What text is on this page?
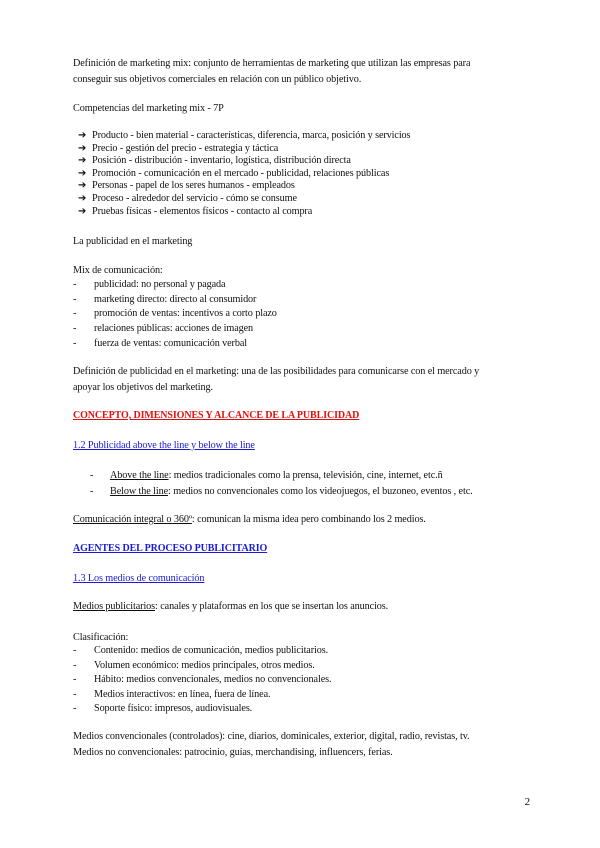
Definición de marketing mix: conjunto de herramientas de marketing que utilizan las empresas para
conseguir sus objetivos comerciales en relación con un público objetivo.
Competencias del marketing mix - 7P
➔ Producto - bien material - características, diferencia, marca, posición y servicios
➔ Precio - gestión del precio - estrategia y táctica
➔ Posición - distribución - inventario, logística, distribución directa
➔ Promoción - comunicación en el mercado - publicidad, relaciones públicas
➔ Personas - papel de los seres humanos - empleados
➔ Proceso - alrededor del servicio - cómo se consume
➔ Pruebas físicas - elementos físicos - contacto al compra
La publicidad en el marketing
Mix de comunicación:
- publicidad: no personal y pagada
- marketing directo: directo al consumidor
- promoción de ventas: incentivos a corto plazo
- relaciones públicas: acciones de imagen
- fuerza de ventas: comunicación verbal
Definición de publicidad en el marketing: una de las posibilidades para comunicarse con el mercado y
apoyar los objetivos del marketing.
CONCEPTO, DIMENSIONES Y ALCANCE DE LA PUBLICIDAD
1.2 Publicidad above the line y below the line
- Above the line: medios tradicionales como la prensa, televisión, cine, internet, etc.ñ
- Below the line: medios no convencionales como los videojuegos, el buzoneo, eventos , etc.
Comunicación integral o 360º: comunican la misma idea pero combinando los 2 medios.
AGENTES DEL PROCESO PUBLICITARIO
1.3 Los medios de comunicación
Medios publicitarios: canales y plataformas en los que se insertan los anuncios.
Clasificación:
- Contenido: medios de comunicación, medios publicitarios.
- Volumen económico: medios principales, otros medios.
- Hábito: medios convencionales, medios no convencionales.
- Medios interactivos: en línea, fuera de línea.
- Soporte físico: impresos, audiovisuales.
Medios convencionales (controlados): cine, diarios, dominicales, exterior, digital, radio, revistas, tv.
Medios no convencionales: patrocinio, guías, merchandising, influencers, ferias.
2
